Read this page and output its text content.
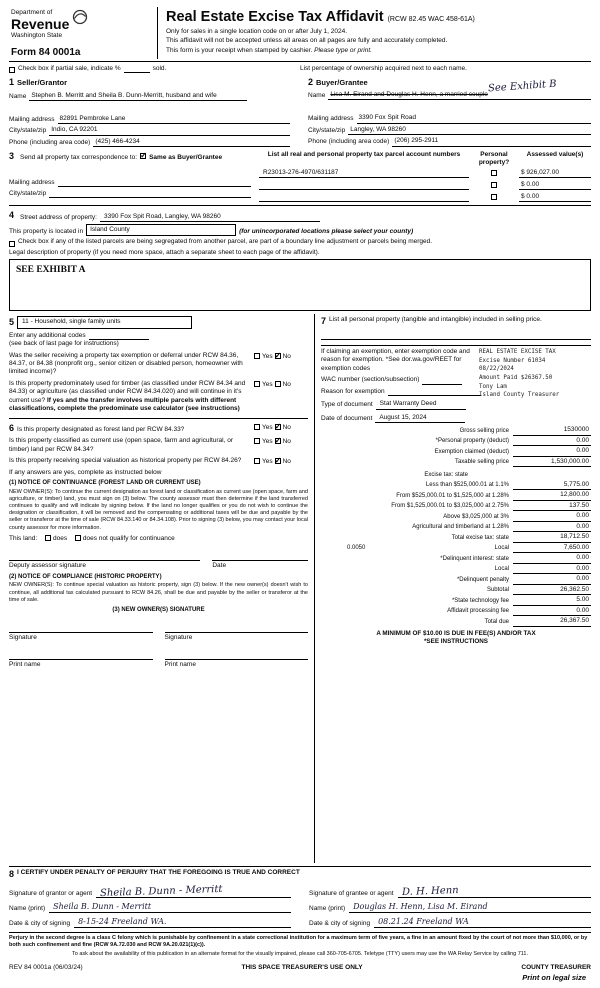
Department of
Revenue
Washington State
Form 84 0001a
Real Estate Excise Tax Affidavit (RCW 82.45 WAC 458-61A)
Only for sales in a single location code on or after July 1, 2024.
This affidavit will not be accepted unless all areas on all pages are fully and accurately completed.
This form is your receipt when stamped by cashier. Please type or print.
Check box if partial sale, indicate %	sold.	List percentage of ownership acquired next to each name.
1 Seller/Grantor
Name Stephen B. Merritt and Sheila B. Dunn-Merritt, husband and wife
Mailing address 82891 Pembroke Lane
City/state/zip Indio, CA 92201
Phone (including area code) (425) 466-4234
2 Buyer/Grantee	See Exhibit B
Name Lisa M. Eirand and Douglas H. Henn, a married couple
Mailing address 3390 Fox Spit Road
City/state/zip Langley, WA 98260
Phone (including area code) (206) 295-2911
3 Send all property tax correspondence to: ✓ Same as Buyer/Grantee
Mailing address
City/state/zip
List all real and personal property tax parcel account numbers	Personal property?
Assessed value(s)
R23013-276-4970/631187	$ 926,027.00
$ 0.00
$ 0.00
4 Street address of property:	3390 Fox Spit Road, Langley, WA 98260
This property is located in	Island County	(for unincorporated locations please select your county)
Check box if any of the listed parcels are being segregated from another parcel, are part of a boundary line adjustment or parcels being merged.
Legal description of property (if you need more space, attach a separate sheet to each page of the affidavit).
SEE EXHIBIT A
5	11 - Household, single family units
Enter any additional codes
(see back of last page for instructions)
Was the seller receiving a property tax exemption or deferral under RCW 84.36, 84.37, or 84.38 (nonprofit org., senior citizen or disabled person, homeowner with limited income)?
Yes ✓ No
Is this property predominately used for timber (as classified under RCW 84.34 and 84.33) or agriculture (as classified under RCW 84.34.020) and will continue in it's current use? If yes and the transfer involves multiple parcels with different classifications, complete the predominate use calculator (see instructions)
Yes No
6 Is this property designated as forest land per RCW 84.33?	Yes ✓ No
Is this property classified as current use (open space, farm and agricultural, or timber) land per RCW 84.34?
Yes ✓ No
Is this property receiving special valuation as historical property per RCW 84.26?	Yes ✓ No
If any answers are yes, complete as instructed below
(1) NOTICE OF CONTINUANCE (FOREST LAND OR CURRENT USE)
NEW OWNER(S): To continue the current designation as forest land or classification as current use (open space, farm and agriculture, or timber) land, you must sign on (3) below. The county assessor must then determine if the land transferred continues to qualify and will indicate by signing below. If the land no longer qualifies or you do not wish to continue the designation or classification, it will be removed and the compensating or additional taxes will be due and payable by the seller or transferor at the time of sale (RCW 84.33.140 or 84.34.108). Prior to signing (3) below, you may contact your local county assessor for more information.
This land:	does	does not qualify for continuance
Deputy assessor signature	Date
(2) NOTICE OF COMPLIANCE (HISTORIC PROPERTY)
NEW OWNER(S): To continue special valuation as historic property, sign (3) below. If the new owner(s) doesn't wish to continue, all additional tax calculated pursuant to RCW 84.26, shall be due and payable by the seller or transferor at the time of sale.
(3) NEW OWNER(S) SIGNATURE
Signature	Signature
Print name	Print name
7 List all personal property (tangible and intangible) included in selling price.
If claiming an exemption, enter exemption code and reason for exemption. *See dor.wa.gov/REET for exemption codes
WAC number (section/subsection)
Reason for exemption
Type of document	Stat Warranty Deed
Date of document	August 15, 2024
REAL ESTATE EXCISE TAX
Excise Number 61034
08/22/2024
Amount Paid $26367.50
Tony Lam
Island County Treasurer
Gross selling price	1530000
*Personal property (deduct)	0.00
Exemption claimed (deduct)	0.00
Taxable selling price	1,530,000.00
Excise tax: state
Less than $525,000.01 at 1.1%	5,775.00
From $525,000.01 to $1,525,000 at 1.28%	12,800.00
From $1,525,000.01 to $3,025,000 at 2.75%	137.50
Above $3,025,000 at 3%	0.00
Agricultural and timberland at 1.28%	0.00
Total excise tax: state	18,712.50
0.0050	Local	7,650.00
*Delinquent interest: state	0.00
Local	0.00
*Delinquent penalty	0.00
Subtotal	26,362.50
*State technology fee	5.00
Affidavit processing fee	0.00
Total due	26,367.50
A MINIMUM OF $10.00 IS DUE IN FEE(S) AND/OR TAX
*SEE INSTRUCTIONS
8 I CERTIFY UNDER PENALTY OF PERJURY THAT THE FOREGOING IS TRUE AND CORRECT
Signature of grantor or agent Sheila B. Dunn - Merritt
Name (print)	Sheila B. Dunn - Merritt
Date & city of signing	8-15-24 Freeland WA.
Signature of grantee or agent D. H. Henn
Name (print)	Douglas H. Henn, Lisa M. Eirand
Date & city of signing	08.21.24 Freeland WA
Perjury in the second degree is a class C felony which is punishable by confinement in a state correctional institution for a maximum term of five years, a fine in an amount fixed by the court of not more than $10,000, or by both such confinement and fine (RCW 9A.72.030 and RCW 9A.20.021(1)(c)).
To ask about the availability of this publication in an alternate format for the visually impaired, please call 360-705-6705. Teletype (TTY) users may use the WA Relay Service by calling 711.
REV 84 0001a (06/03/24)	THIS SPACE TREASURER'S USE ONLY	COUNTY TREASURER
Print on legal size
